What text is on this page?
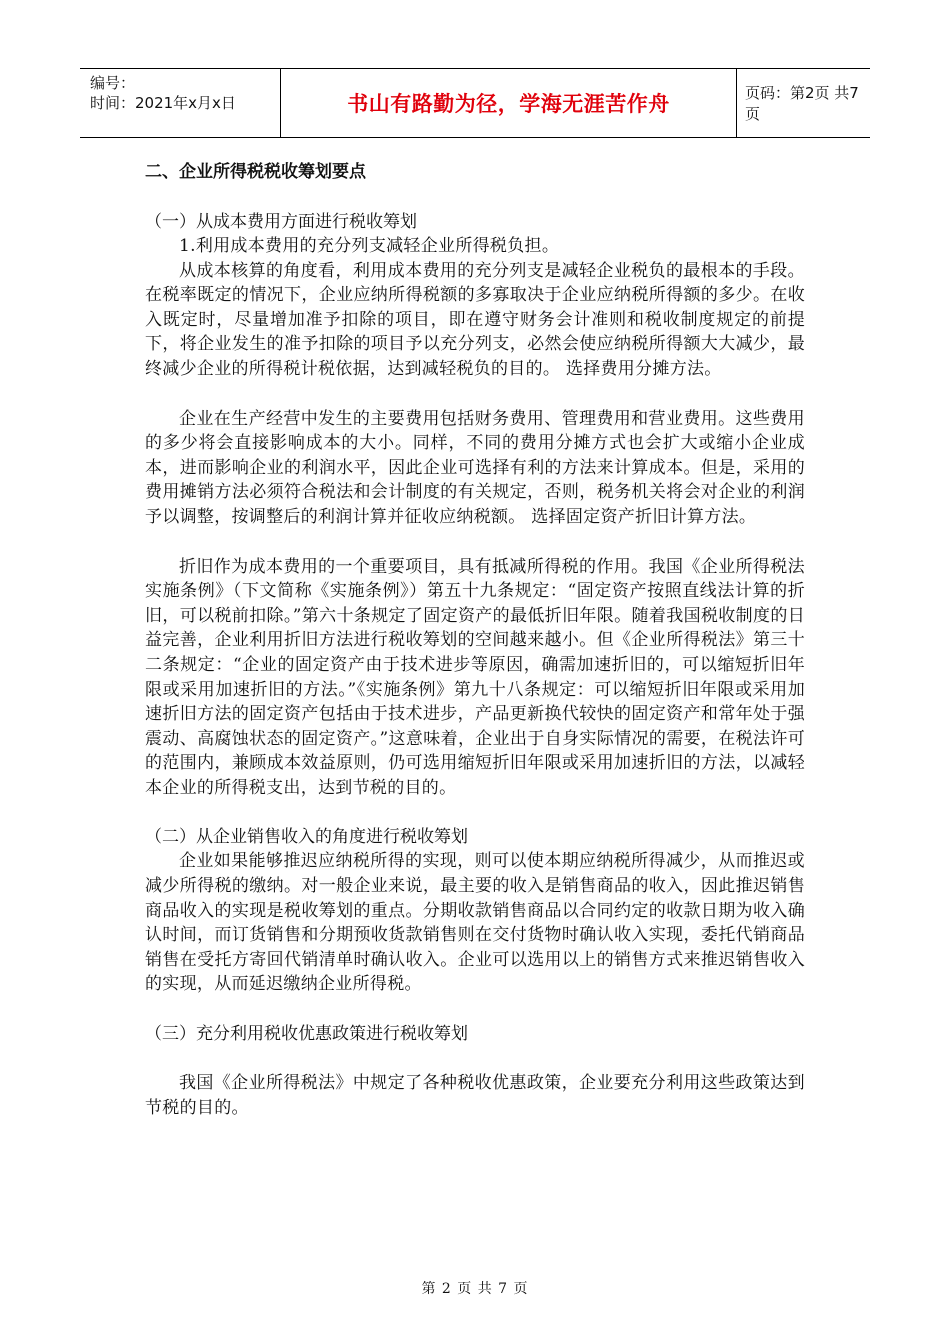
编号：
时间：2021年x月x日	书山有路勤为径，学海无涯苦作舟	页码：第2页 共7页
二、企业所得税税收筹划要点
（一）从成本费用方面进行税收筹划

1.利用成本费用的充分列支减轻企业所得税负担。

从成本核算的角度看，利用成本费用的充分列支是减轻企业税负的最根本的手段。在税率既定的情况下，企业应纳所得税额的多寡取决于企业应纳税所得额的多少。在收入既定时，尽量增加准予扣除的项目，即在遵守财务会计准则和税收制度规定的前提下，将企业发生的准予扣除的项目予以充分列支，必然会使应纳税所得额大大减少，最终减少企业的所得税计税依据，达到减轻税负的目的。 选择费用分摊方法。

企业在生产经营中发生的主要费用包括财务费用、管理费用和营业费用。这些费用的多少将会直接影响成本的大小。同样，不同的费用分摊方式也会扩大或缩小企业成本，进而影响企业的利润水平，因此企业可选择有利的方法来计算成本。但是，采用的费用摊销方法必须符合税法和会计制度的有关规定，否则，税务机关将会对企业的利润予以调整，按调整后的利润计算并征收应纳税额。 选择固定资产折旧计算方法。

折旧作为成本费用的一个重要项目，具有抵减所得税的作用。我国《企业所得税法实施条例》（下文简称《实施条例》）第五十九条规定：“固定资产按照直线法计算的折旧，可以税前扣除。”第六十条规定了固定资产的最低折旧年限。随着我国税收制度的日益完善，企业利用折旧方法进行税收筹划的空间越来越小。但《企业所得税法》第三十二条规定：“企业的固定资产由于技术进步等原因，确需加速折旧的，可以缩短折旧年限或采用加速折旧的方法。”《实施条例》第九十八条规定：可以缩短折旧年限或采用加速折旧方法的固定资产包括由于技术进步，产品更新换代较快的固定资产和常年处于强震动、高腐蚀状态的固定资产。”这意味着，企业出于自身实际情况的需要，在税法许可的范围内，兼顾成本效益原则，仍可选用缩短折旧年限或采用加速折旧的方法，以减轻本企业的所得税支出，达到节税的目的。

（二）从企业销售收入的角度进行税收筹划

企业如果能够推迟应纳税所得的实现，则可以使本期应纳税所得减少，从而推迟或减少所得税的缴纳。对一般企业来说，最主要的收入是销售商品的收入，因此推迟销售商品收入的实现是税收筹划的重点。分期收款销售商品以合同约定的收款日期为收入确认时间，而订货销售和分期预收货款销售则在交付货物时确认收入实现，委托代销商品销售在受托方寄回代销清单时确认收入。企业可以选用以上的销售方式来推迟销售收入的实现，从而延迟缴纳企业所得税。

（三）充分利用税收优惠政策进行税收筹划

我国《企业所得税法》中规定了各种税收优惠政策，企业要充分利用这些政策达到节税的目的。

第 2 页 共 7 页
